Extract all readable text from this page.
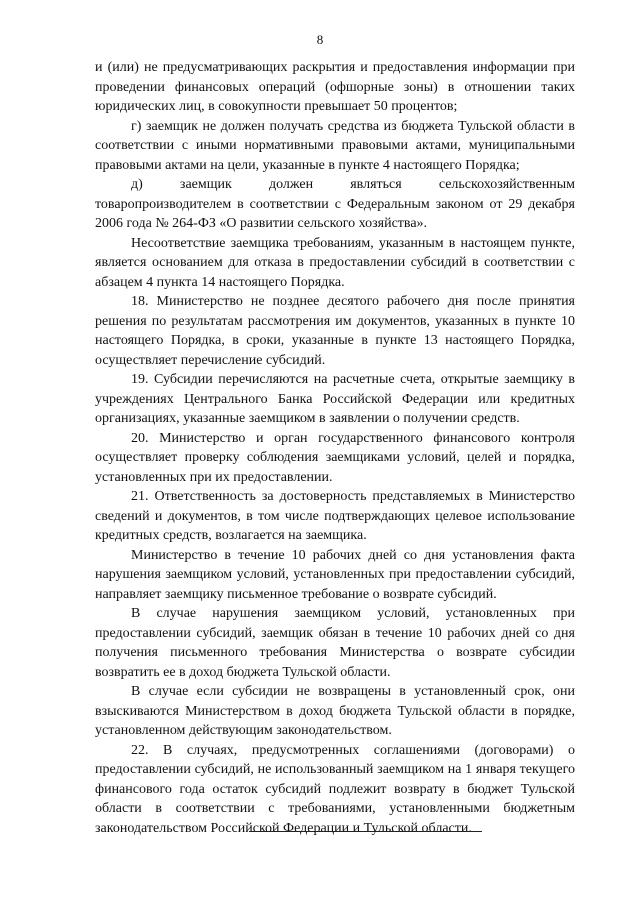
8

и (или) не предусматривающих раскрытия и предоставления информации при проведении финансовых операций (офшорные зоны) в отношении таких юридических лиц, в совокупности превышает 50 процентов;

г) заемщик не должен получать средства из бюджета Тульской области в соответствии с иными нормативными правовыми актами, муниципальными правовыми актами на цели, указанные в пункте 4 настоящего Порядка;

д) заемщик должен являться сельскохозяйственным товаропроизводителем в соответствии с Федеральным законом от 29 декабря 2006 года № 264-ФЗ «О развитии сельского хозяйства».

Несоответствие заемщика требованиям, указанным в настоящем пункте, является основанием для отказа в предоставлении субсидий в соответствии с абзацем 4 пункта 14 настоящего Порядка.

18. Министерство не позднее десятого рабочего дня после принятия решения по результатам рассмотрения им документов, указанных в пункте 10 настоящего Порядка, в сроки, указанные в пункте 13 настоящего Порядка, осуществляет перечисление субсидий.

19. Субсидии перечисляются на расчетные счета, открытые заемщику в учреждениях Центрального Банка Российской Федерации или кредитных организациях, указанные заемщиком в заявлении о получении средств.

20. Министерство и орган государственного финансового контроля осуществляет проверку соблюдения заемщиками условий, целей и порядка, установленных при их предоставлении.

21. Ответственность за достоверность представляемых в Министерство сведений и документов, в том числе подтверждающих целевое использование кредитных средств, возлагается на заемщика.

Министерство в течение 10 рабочих дней со дня установления факта нарушения заемщиком условий, установленных при предоставлении субсидий, направляет заемщику письменное требование о возврате субсидий.

В случае нарушения заемщиком условий, установленных при предоставлении субсидий, заемщик обязан в течение 10 рабочих дней со дня получения письменного требования Министерства о возврате субсидии возвратить ее в доход бюджета Тульской области.

В случае если субсидии не возвращены в установленный срок, они взыскиваются Министерством в доход бюджета Тульской области в порядке, установленном действующим законодательством.

22. В случаях, предусмотренных соглашениями (договорами) о предоставлении субсидий, не использованный заемщиком на 1 января текущего финансового года остаток субсидий подлежит возврату в бюджет Тульской области в соответствии с требованиями, установленными бюджетным законодательством Российской Федерации и Тульской области.
